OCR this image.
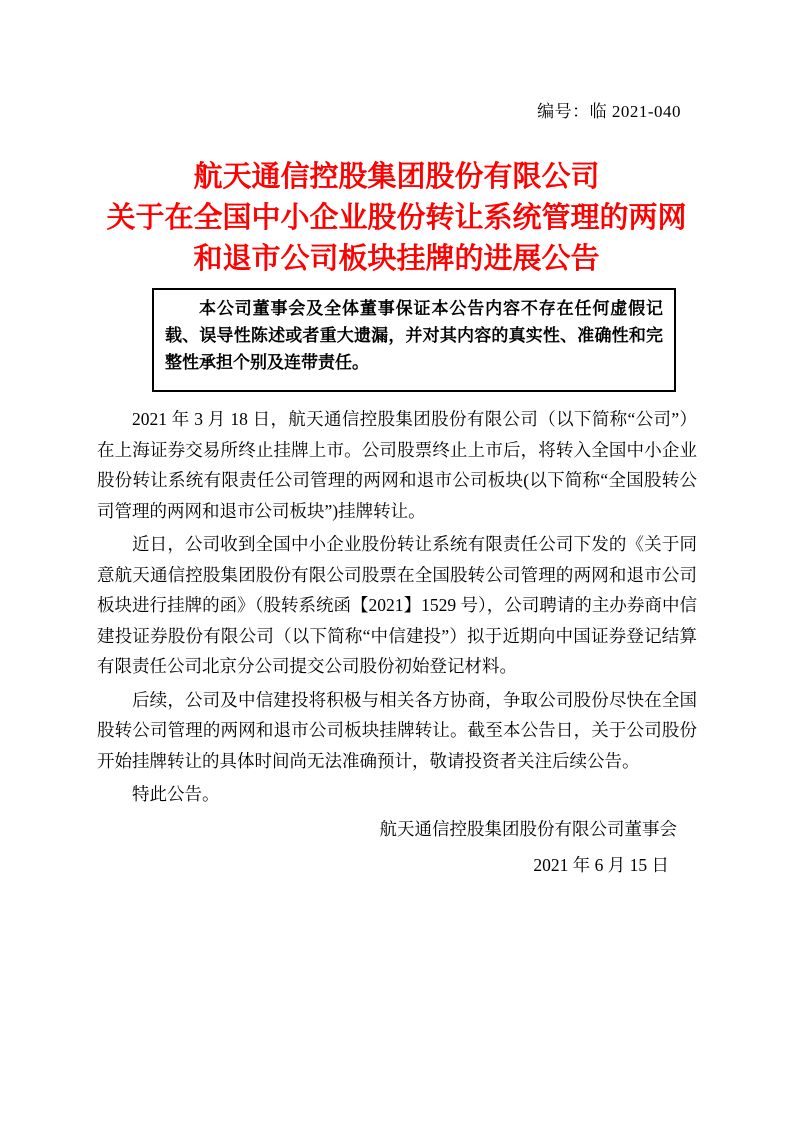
编号：临 2021-040
航天通信控股集团股份有限公司
关于在全国中小企业股份转让系统管理的两网
和退市公司板块挂牌的进展公告

本公司董事会及全体董事保证本公告内容不存在任何虚假记载、误导性陈述或者重大遗漏，并对其内容的真实性、准确性和完整性承担个别及连带责任。

2021 年 3 月 18 日，航天通信控股集团股份有限公司（以下简称“公司”）在上海证券交易所终止挂牌上市。公司股票终止上市后，将转入全国中小企业股份转让系统有限责任公司管理的两网和退市公司板块(以下简称“全国股转公司管理的两网和退市公司板块”)挂牌转让。

近日，公司收到全国中小企业股份转让系统有限责任公司下发的《关于同意航天通信控股集团股份有限公司股票在全国股转公司管理的两网和退市公司板块进行挂牌的函》（股转系统函【2021】1529 号），公司聘请的主办券商中信建投证券股份有限公司（以下简称“中信建投”）拟于近期向中国证券登记结算有限责任公司北京分公司提交公司股份初始登记材料。

后续，公司及中信建投将积极与相关各方协商，争取公司股份尽快在全国股转公司管理的两网和退市公司板块挂牌转让。截至本公告日，关于公司股份开始挂牌转让的具体时间尚无法准确预计，敬请投资者关注后续公告。

特此公告。

航天通信控股集团股份有限公司董事会

2021 年 6 月 15 日
